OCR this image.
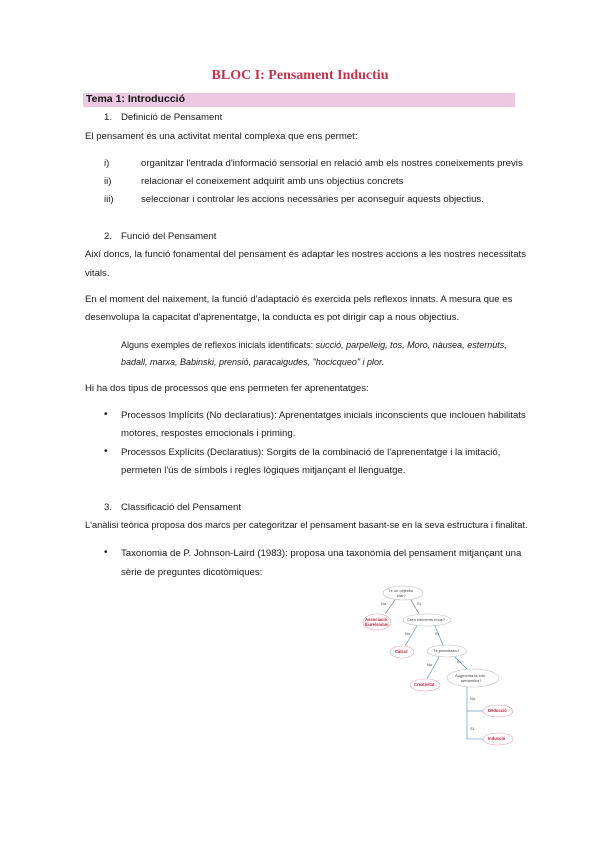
BLOC I: Pensament Inductiu
Tema 1: Introducció
1. Definició de Pensament
El pensament és una activitat mental complexa que ens permet:
i)	organitzar l'entrada d'informació sensorial en relació amb els nostres coneixements previs
ii)	relacionar el coneixement adquirit amb uns objectius concrets
iii)	seleccionar i controlar les accions necessàries per aconseguir aquests objectius.
2. Funció del Pensament
Així doncs, la funció fonamental del pensament és adaptar les nostres accions a les nostres necessitats
vitals.
En el moment del naixement, la funció d'adaptació és exercida pels reflexos innats. A mesura que es
desenvolupa la capacitat d'aprenentatge, la conducta es pot dirigir cap a nous objectius.
Alguns exemples de reflexos inicials identificats: succió, parpelleig, tos, Moro, nàusea, esternuts,
badall, marxa, Babinski, prensió, paracaigudes, "hocicqueo" i plor.
Hi ha dos tipus de processos que ens permeten fer aprenentatges:
• Processos Implícits (No declaratius): Aprenentatges inicials inconscients que inclouen habilitats
motores, respostes emocionals i priming.
• Processos Explícits (Declaratius): Sorgits de la combinació de l'aprenentatge i la imitació,
permeten l'ús de símbols i regles lògiques mitjançant el llenguatge.
3. Classificació del Pensament
L'anàlisi teòrica proposa dos marcs per categoritzar el pensament basant-se en la seva estructura i finalitat.
• Taxonomia de P. Johnson-Laird (1983): proposa una taxonomia del pensament mitjançant una
sèrie de preguntes dicotòmiques:
Té un objectiu
clar?
No	Sí
Associació
lliure/somni
Crea elements nous?
No	Sí
Càlcul	Té premisses?
No
Sí
Creativitat
Augmenta la info
semàntica?
No
Sí
Deducció
Inducció
